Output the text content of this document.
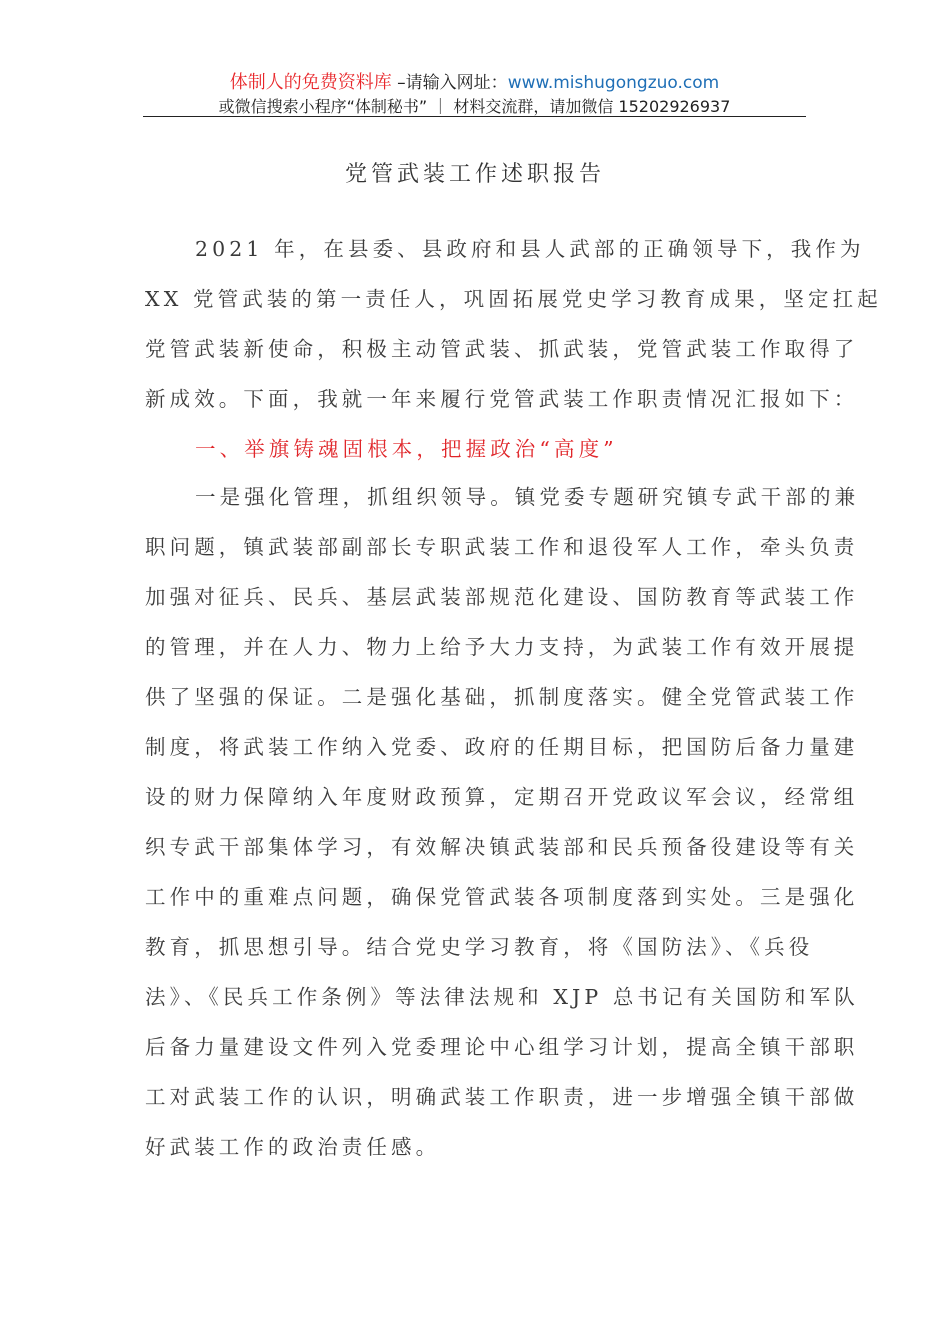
体制人的免费资料库 –请输入网址：www.mishugongzuo.com
或微信搜索小程序“体制秘书” ｜ 材料交流群，请加微信 15202926937
党管武装工作述职报告
2021 年，在县委、县政府和县人武部的正确领导下，我作为
XX 党管武装的第一责任人，巩固拓展党史学习教育成果，坚定扛起
党管武装新使命，积极主动管武装、抓武装，党管武装工作取得了
新成效。下面，我就一年来履行党管武装工作职责情况汇报如下：
一、举旗铸魂固根本，把握政治“高度”
一是强化管理，抓组织领导。镇党委专题研究镇专武干部的兼
职问题，镇武装部副部长专职武装工作和退役军人工作，牵头负责
加强对征兵、民兵、基层武装部规范化建设、国防教育等武装工作
的管理，并在人力、物力上给予大力支持，为武装工作有效开展提
供了坚强的保证。二是强化基础，抓制度落实。健全党管武装工作
制度，将武装工作纳入党委、政府的任期目标，把国防后备力量建
设的财力保障纳入年度财政预算，定期召开党政议军会议，经常组
织专武干部集体学习，有效解决镇武装部和民兵预备役建设等有关
工作中的重难点问题，确保党管武装各项制度落到实处。三是强化
教育，抓思想引导。结合党史学习教育，将《国防法》、《兵役
法》、《民兵工作条例》等法律法规和 XJP 总书记有关国防和军队
后备力量建设文件列入党委理论中心组学习计划，提高全镇干部职
工对武装工作的认识，明确武装工作职责，进一步增强全镇干部做
好武装工作的政治责任感。
